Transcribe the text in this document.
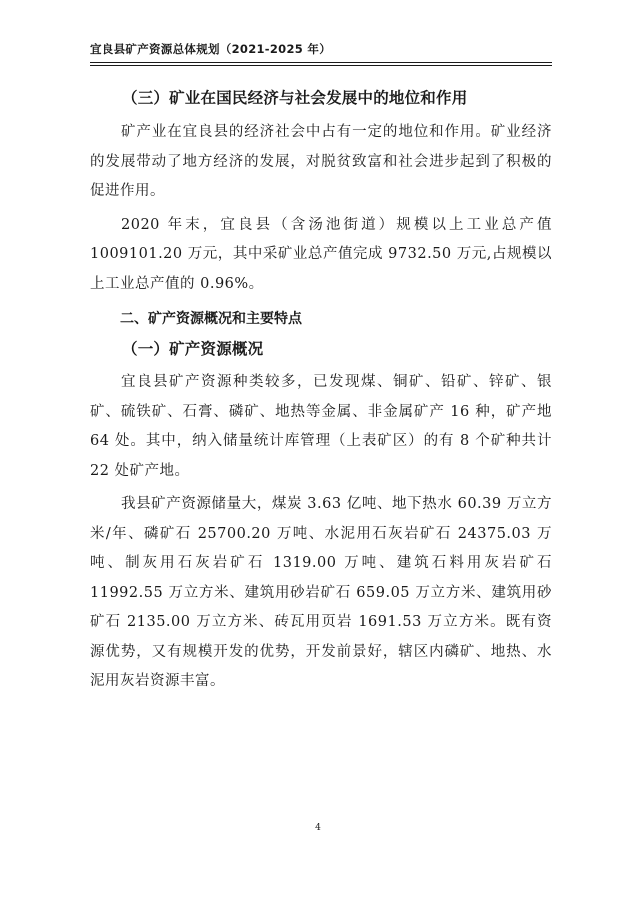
宜良县矿产资源总体规划（2021-2025 年）
（三）矿业在国民经济与社会发展中的地位和作用

矿产业在宜良县的经济社会中占有一定的地位和作用。矿业经济的发展带动了地方经济的发展，对脱贫致富和社会进步起到了积极的促进作用。

2020 年末，宜良县（含汤池街道）规模以上工业总产值 1009101.20 万元，其中采矿业总产值完成 9732.50 万元,占规模以上工业总产值的 0.96%。

二、矿产资源概况和主要特点
（一）矿产资源概况

宜良县矿产资源种类较多，已发现煤、铜矿、铅矿、锌矿、银矿、硫铁矿、石膏、磷矿、地热等金属、非金属矿产 16 种，矿产地 64 处。其中，纳入储量统计库管理（上表矿区）的有 8 个矿种共计 22 处矿产地。

我县矿产资源储量大，煤炭 3.63 亿吨、地下热水 60.39 万立方米/年、磷矿石 25700.20 万吨、水泥用石灰岩矿石 24375.03 万吨、制灰用石灰岩矿石 1319.00 万吨、建筑石料用灰岩矿石 11992.55 万立方米、建筑用砂岩矿石 659.05 万立方米、建筑用砂矿石 2135.00 万立方米、砖瓦用页岩 1691.53 万立方米。既有资源优势，又有规模开发的优势，开发前景好，辖区内磷矿、地热、水泥用灰岩资源丰富。

4
